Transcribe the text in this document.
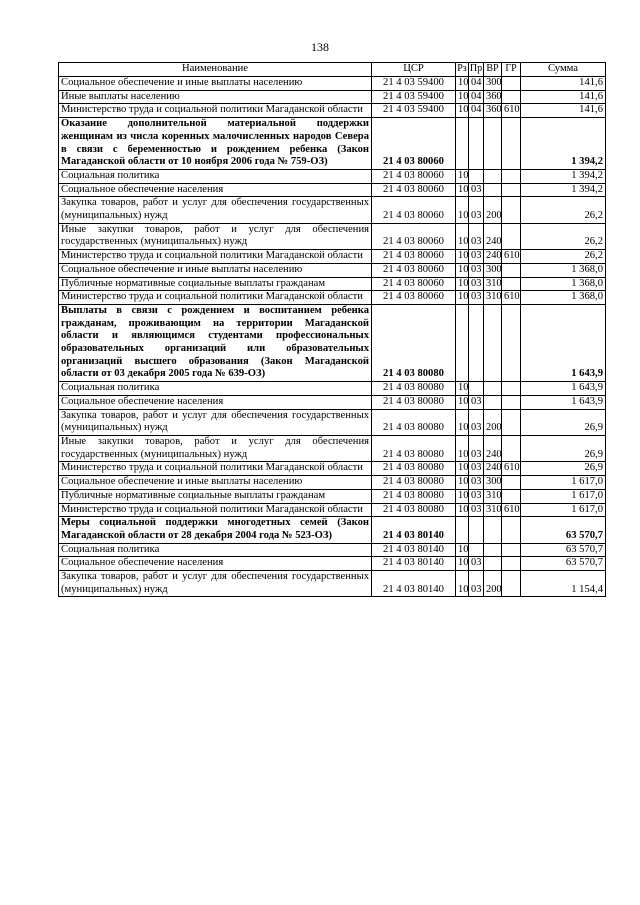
138
Наименование	ЦСР	Рз	Пр	ВР	ГР	Сумма
Социальное обеспечение и иные выплаты населению	21 4 03 59400	10	04	300		141,6
Иные выплаты населению	21 4 03 59400	10	04	360		141,6
Министерство труда и социальной политики Магаданской области	21 4 03 59400	10	04	360	610	141,6
Оказание дополнительной материальной поддержки женщинам из числа коренных малочисленных народов Севера в связи с беременностью и рождением ребенка (Закон Магаданской области от 10 ноября 2006 года № 759-ОЗ)	21 4 03 80060					1 394,2
Социальная политика	21 4 03 80060	10				1 394,2
Социальное обеспечение населения	21 4 03 80060	10	03			1 394,2
Закупка товаров, работ и услуг для обеспечения государственных (муниципальных) нужд	21 4 03 80060	10	03	200		26,2
Иные закупки товаров, работ и услуг для обеспечения государственных (муниципальных) нужд	21 4 03 80060	10	03	240		26,2
Министерство труда и социальной политики Магаданской области	21 4 03 80060	10	03	240	610	26,2
Социальное обеспечение и иные выплаты населению	21 4 03 80060	10	03	300		1 368,0
Публичные нормативные социальные выплаты гражданам	21 4 03 80060	10	03	310		1 368,0
Министерство труда и социальной политики Магаданской области	21 4 03 80060	10	03	310	610	1 368,0
Выплаты в связи с рождением и воспитанием ребенка гражданам, проживающим на территории Магаданской области и являющимся студентами профессиональных образовательных организаций или образовательных организаций высшего образования (Закон Магаданской области от 03 декабря 2005 года № 639-ОЗ)	21 4 03 80080					1 643,9
Социальная политика	21 4 03 80080	10				1 643,9
Социальное обеспечение населения	21 4 03 80080	10	03			1 643,9
Закупка товаров, работ и услуг для обеспечения государственных (муниципальных) нужд	21 4 03 80080	10	03	200		26,9
Иные закупки товаров, работ и услуг для обеспечения государственных (муниципальных) нужд	21 4 03 80080	10	03	240		26,9
Министерство труда и социальной политики Магаданской области	21 4 03 80080	10	03	240	610	26,9
Социальное обеспечение и иные выплаты населению	21 4 03 80080	10	03	300		1 617,0
Публичные нормативные социальные выплаты гражданам	21 4 03 80080	10	03	310		1 617,0
Министерство труда и социальной политики Магаданской области	21 4 03 80080	10	03	310	610	1 617,0
Меры социальной поддержки многодетных семей (Закон Магаданской области от 28 декабря 2004 года № 523-ОЗ)	21 4 03 80140					63 570,7
Социальная политика	21 4 03 80140	10				63 570,7
Социальное обеспечение населения	21 4 03 80140	10	03			63 570,7
Закупка товаров, работ и услуг для обеспечения государственных (муниципальных) нужд	21 4 03 80140	10	03	200		1 154,4
